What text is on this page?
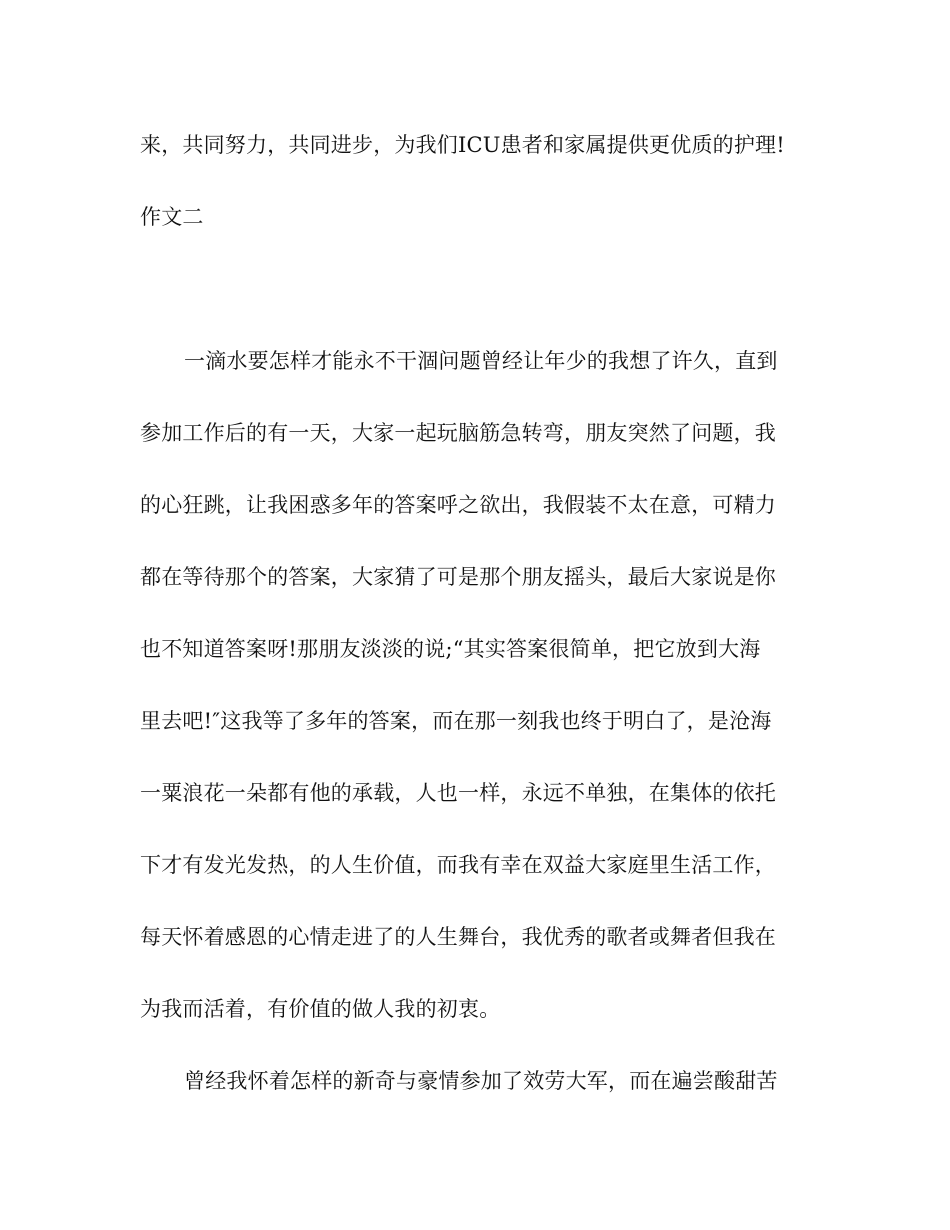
来，共同努力，共同进步，为我们ICU患者和家属提供更优质的护理!
作文二
一滴水要怎样才能永不干涸问题曾经让年少的我想了许久，直到
参加工作后的有一天，大家一起玩脑筋急转弯，朋友突然了问题，我
的心狂跳，让我困惑多年的答案呼之欲出，我假装不太在意，可精力
都在等待那个的答案，大家猜了可是那个朋友摇头，最后大家说是你
也不知道答案呀!那朋友淡淡的说;“其实答案很简单，把它放到大海
里去吧!″这我等了多年的答案，而在那一刻我也终于明白了，是沧海
一粟浪花一朵都有他的承载，人也一样，永远不单独，在集体的依托
下才有发光发热，的人生价值，而我有幸在双益大家庭里生活工作，
每天怀着感恩的心情走进了的人生舞台，我优秀的歌者或舞者但我在
为我而活着，有价值的做人我的初衷。
曾经我怀着怎样的新奇与豪情参加了效劳大军，而在遍尝酸甜苦
